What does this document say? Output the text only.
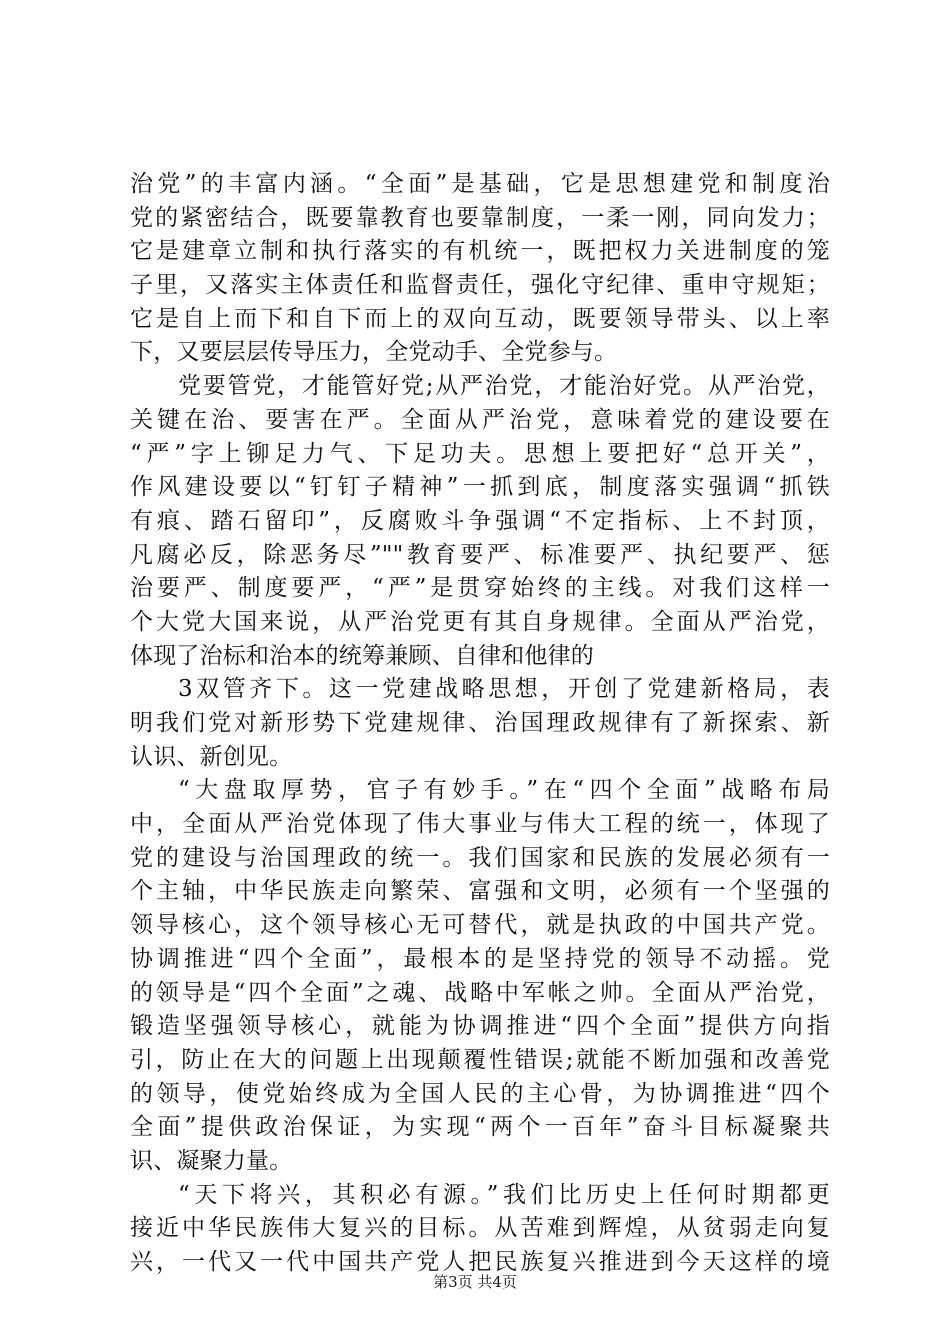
治党”的丰富内涵。“全面”是基础，它是思想建党和制度治
党的紧密结合，既要靠教育也要靠制度，一柔一刚，同向发力；
它是建章立制和执行落实的有机统一，既把权力关进制度的笼
子里，又落实主体责任和监督责任，强化守纪律、重申守规矩；
它是自上而下和自下而上的双向互动，既要领导带头、以上率
下，又要层层传导压力，全党动手、全党参与。
党要管党，才能管好党;从严治党，才能治好党。从严治党，
关键在治、要害在严。全面从严治党，意味着党的建设要在
“严”字上铆足力气、下足功夫。思想上要把好“总开关”，
作风建设要以“钉钉子精神”一抓到底，制度落实强调“抓铁
有痕、踏石留印”，反腐败斗争强调“不定指标、上不封顶，
凡腐必反，除恶务尽”""教育要严、标准要严、执纪要严、惩
治要严、制度要严，“严”是贯穿始终的主线。对我们这样一
个大党大国来说，从严治党更有其自身规律。全面从严治党，
体现了治标和治本的统筹兼顾、自律和他律的
3双管齐下。这一党建战略思想，开创了党建新格局，表
明我们党对新形势下党建规律、治国理政规律有了新探索、新
认识、新创见。
“大盘取厚势，官子有妙手。”在“四个全面”战略布局
中，全面从严治党体现了伟大事业与伟大工程的统一，体现了
党的建设与治国理政的统一。我们国家和民族的发展必须有一
个主轴，中华民族走向繁荣、富强和文明，必须有一个坚强的
领导核心，这个领导核心无可替代，就是执政的中国共产党。
协调推进“四个全面”，最根本的是坚持党的领导不动摇。党
的领导是“四个全面”之魂、战略中军帐之帅。全面从严治党，
锻造坚强领导核心，就能为协调推进“四个全面”提供方向指
引，防止在大的问题上出现颠覆性错误;就能不断加强和改善党
的领导，使党始终成为全国人民的主心骨，为协调推进“四个
全面”提供政治保证，为实现“两个一百年”奋斗目标凝聚共
识、凝聚力量。
“天下将兴，其积必有源。”我们比历史上任何时期都更
接近中华民族伟大复兴的目标。从苦难到辉煌，从贫弱走向复
兴，一代又一代中国共产党人把民族复兴推进到今天这样的境
第3页 共4页
